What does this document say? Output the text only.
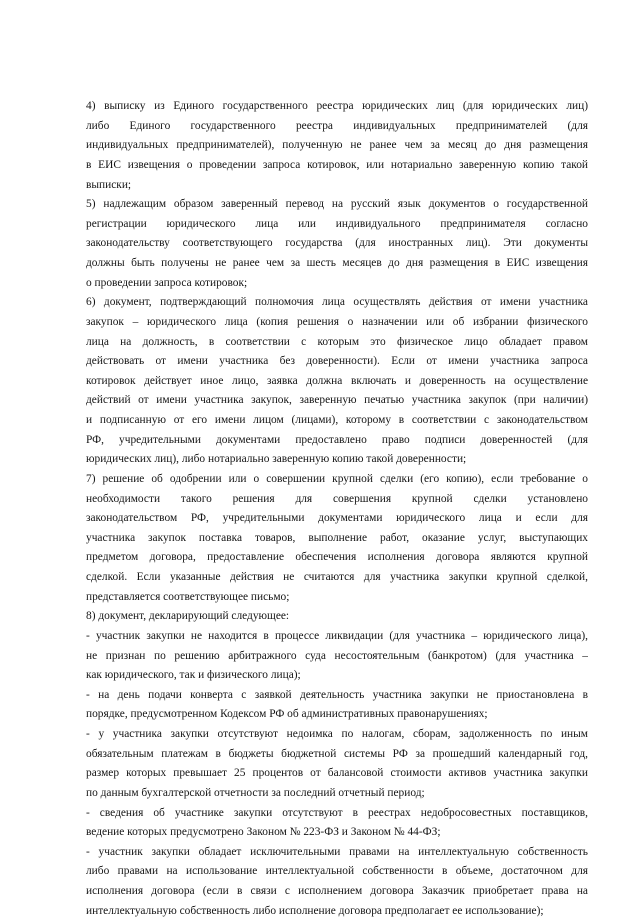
4) выписку из Единого государственного реестра юридических лиц (для юридических лиц)
либо Единого государственного реестра индивидуальных предпринимателей (для
индивидуальных предпринимателей), полученную не ранее чем за месяц до дня размещения
в ЕИС извещения о проведении запроса котировок, или нотариально заверенную копию такой
выписки;
5) надлежащим образом заверенный перевод на русский язык документов о государственной
регистрации юридического лица или индивидуального предпринимателя согласно
законодательству соответствующего государства (для иностранных лиц). Эти документы
должны быть получены не ранее чем за шесть месяцев до дня размещения в ЕИС извещения
о проведении запроса котировок;
6) документ, подтверждающий полномочия лица осуществлять действия от имени участника
закупок – юридического лица (копия решения о назначении или об избрании физического
лица на должность, в соответствии с которым это физическое лицо обладает правом
действовать от имени участника без доверенности). Если от имени участника запроса
котировок действует иное лицо, заявка должна включать и доверенность на осуществление
действий от имени участника закупок, заверенную печатью участника закупок (при наличии)
и подписанную от его имени лицом (лицами), которому в соответствии с законодательством
РФ, учредительными документами предоставлено право подписи доверенностей (для
юридических лиц), либо нотариально заверенную копию такой доверенности;
7) решение об одобрении или о совершении крупной сделки (его копию), если требование о
необходимости такого решения для совершения крупной сделки установлено
законодательством РФ, учредительными документами юридического лица и если для
участника закупок поставка товаров, выполнение работ, оказание услуг, выступающих
предметом договора, предоставление обеспечения исполнения договора являются крупной
сделкой. Если указанные действия не считаются для участника закупки крупной сделкой,
представляется соответствующее письмо;
8) документ, декларирующий следующее:
- участник закупки не находится в процессе ликвидации (для участника – юридического лица),
не признан по решению арбитражного суда несостоятельным (банкротом) (для участника –
как юридического, так и физического лица);
- на день подачи конверта с заявкой деятельность участника закупки не приостановлена в
порядке, предусмотренном Кодексом РФ об административных правонарушениях;
- у участника закупки отсутствуют недоимка по налогам, сборам, задолженность по иным
обязательным платежам в бюджеты бюджетной системы РФ за прошедший календарный год,
размер которых превышает 25 процентов от балансовой стоимости активов участника закупки
по данным бухгалтерской отчетности за последний отчетный период;
- сведения об участнике закупки отсутствуют в реестрах недобросовестных поставщиков,
ведение которых предусмотрено Законом № 223-ФЗ и Законом № 44-ФЗ;
- участник закупки обладает исключительными правами на интеллектуальную собственность
либо правами на использование интеллектуальной собственности в объеме, достаточном для
исполнения договора (если в связи с исполнением договора Заказчик приобретает права на
интеллектуальную собственность либо исполнение договора предполагает ее использование);
